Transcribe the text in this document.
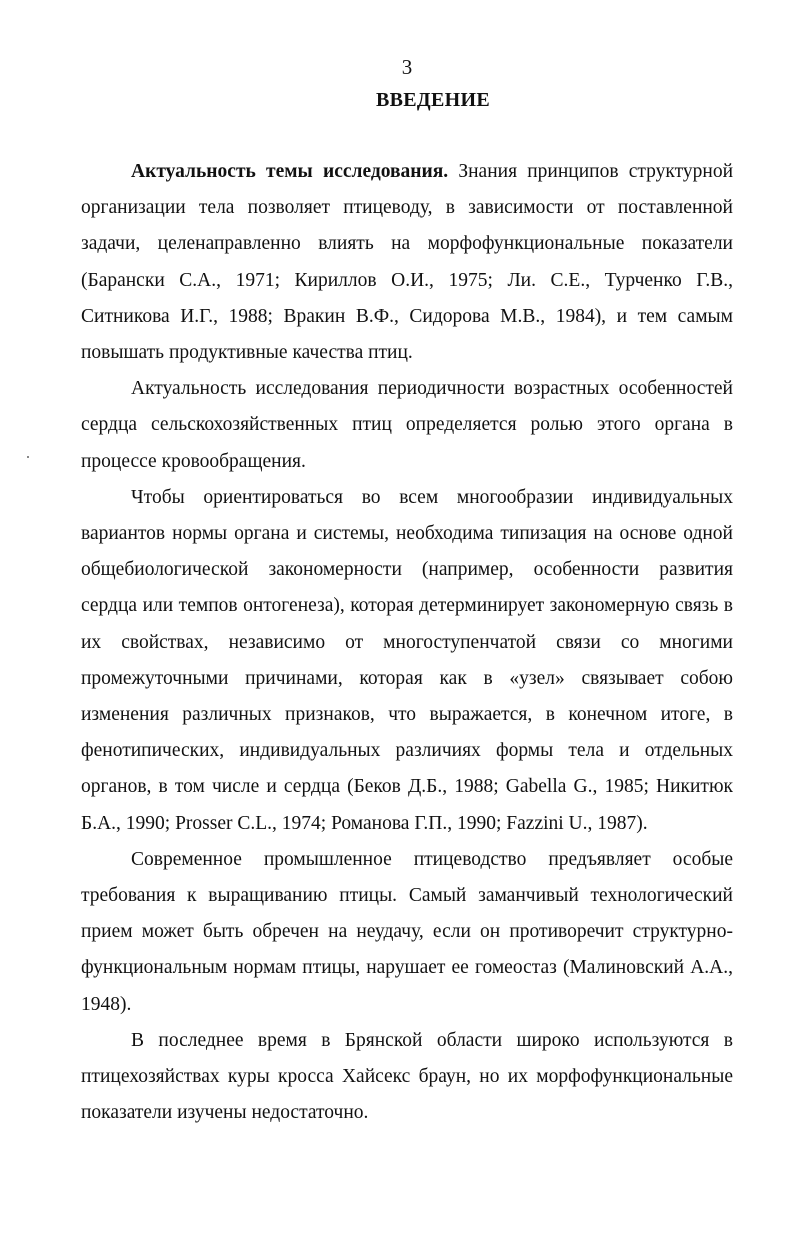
3
ВВЕДЕНИЕ

Актуальность темы исследования. Знания принципов структурной организации тела позволяет птицеводу, в зависимости от поставленной задачи, целенаправленно влиять на морфофункциональные показатели (Барански С.А., 1971; Кириллов О.И., 1975; Ли. С.Е., Турченко Г.В., Ситникова И.Г., 1988; Вракин В.Ф., Сидорова М.В., 1984), и тем самым повышать продуктивные качества птиц.

Актуальность исследования периодичности возрастных особенностей сердца сельскохозяйственных птиц определяется ролью этого органа в процессе кровообращения.

Чтобы ориентироваться во всем многообразии индивидуальных вариантов нормы органа и системы, необходима типизация на основе одной общебиологической закономерности (например, особенности развития сердца или темпов онтогенеза), которая детерминирует закономерную связь в их свойствах, независимо от многоступенчатой связи со многими промежуточными причинами, которая как в «узел» связывает собою изменения различных признаков, что выражается, в конечном итоге, в фенотипических, индивидуальных различиях формы тела и отдельных органов, в том числе и сердца (Беков Д.Б., 1988; Gabella G., 1985; Никитюк Б.А., 1990; Prosser C.L., 1974; Романова Г.П., 1990; Fazzini U., 1987).

Современное промышленное птицеводство предъявляет особые требования к выращиванию птицы. Самый заманчивый технологический прием может быть обречен на неудачу, если он противоречит структурно-функциональным нормам птицы, нарушает ее гомеостаз (Малиновский А.А., 1948).

В последнее время в Брянской области широко используются в птицехозяйствах куры кросса Хайсекс браун, но их морфофункциональные показатели изучены недостаточно.
